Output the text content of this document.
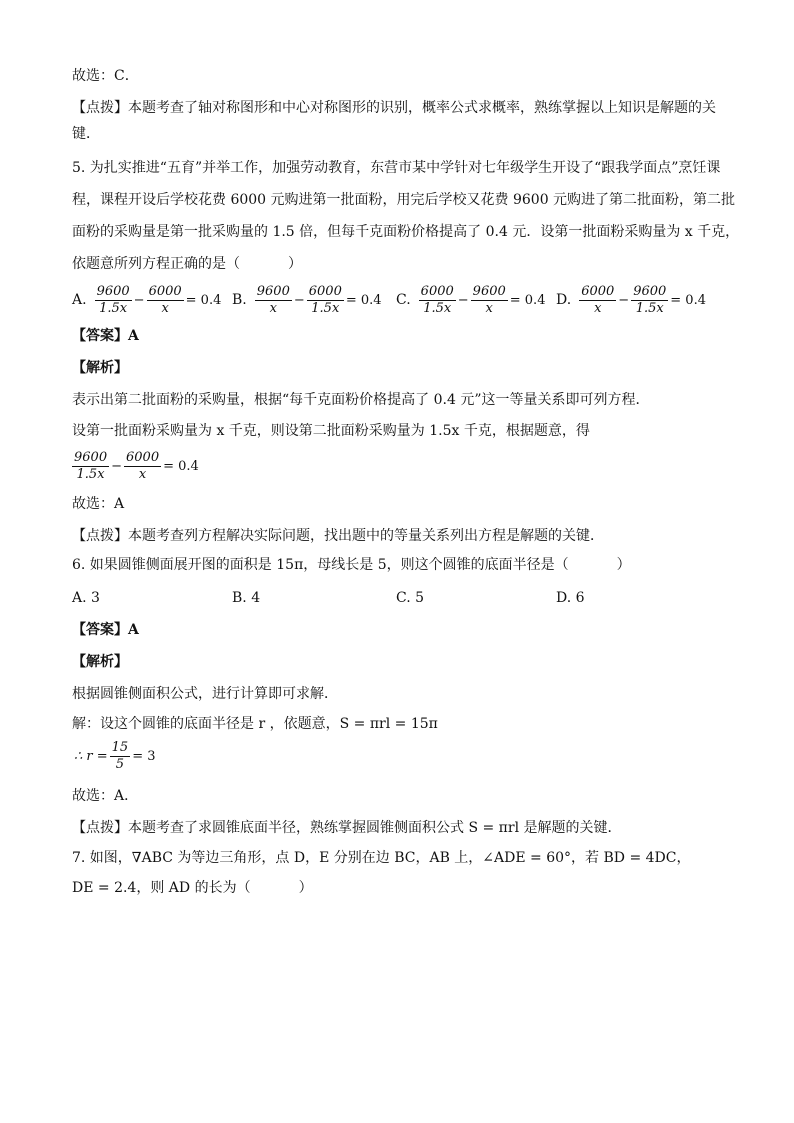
故选：C．
【点拨】本题考查了轴对称图形和中心对称图形的识别，概率公式求概率，熟练掌握以上知识是解题的关
键．
5. 为扎实推进“五育”并举工作，加强劳动教育，东营市某中学针对七年级学生开设了“跟我学面点”烹饪课
程，课程开设后学校花费 6000 元购进第一批面粉，用完后学校又花费 9600 元购进了第二批面粉，第二批
面粉的采购量是第一批采购量的 1.5 倍，但每千克面粉价格提高了 0.4 元．设第一批面粉采购量为 x 千克，
依题意所列方程正确的是（	）
A. $\frac{9600}{1.5x} - \frac{6000}{x} = 0.4$ B. $\frac{9600}{x} - \frac{6000}{1.5x} = 0.4$ C. $\frac{6000}{1.5x} - \frac{9600}{x} = 0.4$ D. $\frac{6000}{x} - \frac{9600}{1.5x} = 0.4$
【答案】A
【解析】
表示出第二批面粉的采购量，根据“每千克面粉价格提高了 0.4 元”这一等量关系即可列方程．
设第一批面粉采购量为 x 千克，则设第二批面粉采购量为 1.5x 千克，根据题意，得
$\frac{9600}{1.5x} - \frac{6000}{x} = 0.4$
故选：A
【点拨】本题考查列方程解决实际问题，找出题中的等量关系列出方程是解题的关键．
6. 如果圆锥侧面展开图的面积是 15π，母线长是 5，则这个圆锥的底面半径是（	）
A. 3	B. 4	C. 5	D. 6
【答案】A
【解析】
根据圆锥侧面积公式，进行计算即可求解．
解：设这个圆锥的底面半径是 r ，依题意，S = πrl = 15π
∴ $r = \frac{15}{5} = 3$
故选：A．
【点拨】本题考查了求圆锥底面半径，熟练掌握圆锥侧面积公式 S = πrl 是解题的关键．
7. 如图，∇ABC 为等边三角形，点 D，E 分别在边 BC，AB 上，∠ADE = 60°，若 BD = 4DC，
DE = 2.4，则 AD 的长为（	）
